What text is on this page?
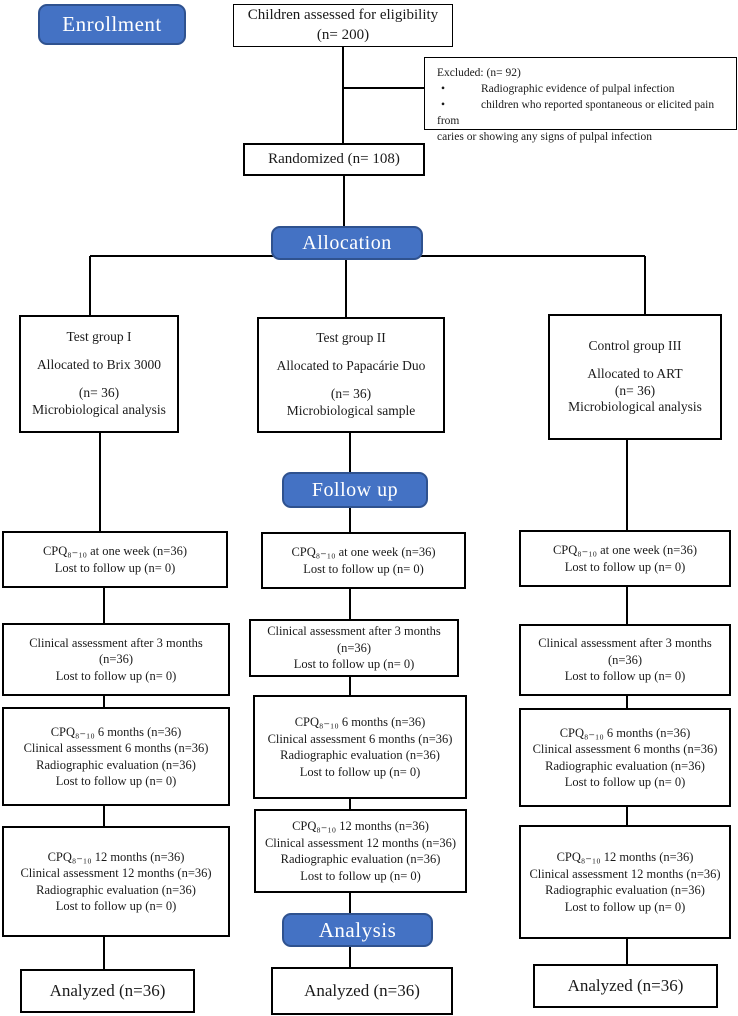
Enrollment
Allocation
Follow up
Analysis
Children assessed for eligibility
(n= 200)
Excluded: (n= 92)
•	Radiographic evidence of pulpal infection
•	children who reported spontaneous or elicited pain from
caries or showing any signs of pulpal infection
Randomized (n= 108)
Test group I
Allocated to Brix 3000
(n= 36)
Microbiological analysis
Test group II
Allocated to Papacárie Duo
(n= 36)
Microbiological sample
Control group III
Allocated to ART
(n= 36)
Microbiological analysis
CPQ₈₋₁₀ at one week (n=36)
Lost to follow up (n= 0)
CPQ₈₋₁₀ at one week (n=36)
Lost to follow up (n= 0)
CPQ₈₋₁₀ at one week (n=36)
Lost to follow up (n= 0)
Clinical assessment after 3 months
(n=36)
Lost to follow up (n= 0)
Clinical assessment after 3 months
(n=36)
Lost to follow up (n= 0)
Clinical assessment after 3 months
(n=36)
Lost to follow up (n= 0)
CPQ₈₋₁₀ 6 months (n=36)
Clinical assessment 6 months (n=36)
Radiographic evaluation (n=36)
Lost to follow up (n= 0)
CPQ₈₋₁₀ 6 months (n=36)
Clinical assessment 6 months (n=36)
Radiographic evaluation (n=36)
Lost to follow up (n= 0)
CPQ₈₋₁₀ 6 months (n=36)
Clinical assessment 6 months (n=36)
Radiographic evaluation (n=36)
Lost to follow up (n= 0)
CPQ₈₋₁₀ 12 months (n=36)
Clinical assessment 12 months (n=36)
Radiographic evaluation (n=36)
Lost to follow up (n= 0)
CPQ₈₋₁₀ 12 months (n=36)
Clinical assessment 12 months (n=36)
Radiographic evaluation (n=36)
Lost to follow up (n= 0)
CPQ₈₋₁₀ 12 months (n=36)
Clinical assessment 12 months (n=36)
Radiographic evaluation (n=36)
Lost to follow up (n= 0)
Analyzed (n=36)	Analyzed (n=36)	Analyzed (n=36)
